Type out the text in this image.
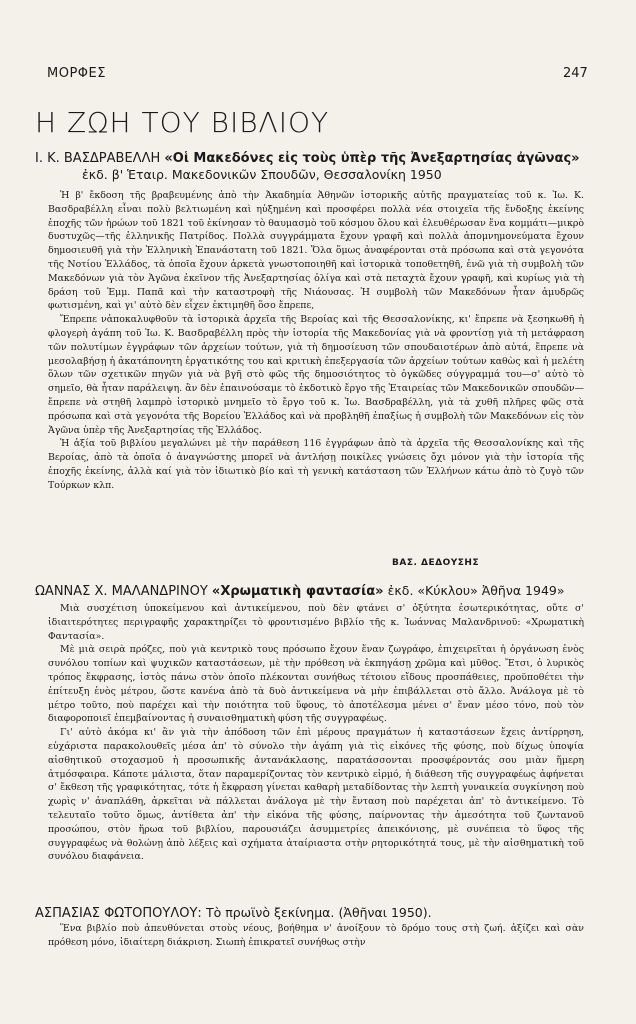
ΜΟΡΦΕΣ	247
Η ΖΩΗ ΤΟΥ ΒΙΒΛΙΟΥ
Ι. Κ. ΒΑΣΔΡΑΒΕΛΛΗ «Οἱ Μακεδόνες εἰς τοὺς ὑπὲρ τῆς Ἀνεξαρτησίας ἀγῶνας»
ἐκδ. β' Ἑταιρ. Μακεδονικῶν Σπουδῶν, Θεσσαλονίκη 1950

Ἡ β' ἔκδοση τῆς βραβευμένης ἀπὸ τὴν Ἀκαδημία Ἀθηνῶν ἱστορικῆς αὐτῆς πραγματείας τοῦ κ. Ἰω. Κ. Βασδραβέλλη εἶναι πολὺ βελτιωμένη καὶ ηὐξημένη καὶ προσφέρει πολλὰ νέα στοιχεῖα τῆς ἔνδοξης ἐκείνης ἐποχῆς τῶν ἡρώων τοῦ 1821 τοῦ ἐκίνησαν τὸ θαυμασμὸ τοῦ κόσμου ὅλου καὶ ἐλευθέρωσαν ἕνα κομμάτι—μικρὸ δυστυχῶς—τῆς ἑλληνικῆς Πατρίδος. Πολλὰ συγγράμματα ἔχουν γραφῆ καὶ πολλὰ ἀπομνημονεύματα ἔχουν δημοσιευθῆ γιὰ τὴν Ἑλληνικὴ Ἐπανάστατη τοῦ 1821. Ὅλα ὅμως ἀναφέρονται στὰ πρόσωπα καὶ στὰ γεγονότα τῆς Νοτίου Ἑλλάδος, τὰ ὁποῖα ἔχουν ἀρκετὰ γνωστοποιηθῆ καὶ ἱστορικὰ τοποθετηθῆ, ἐνῶ γιὰ τὴ συμβολὴ τῶν Μακεδόνων γιὰ τὸν Ἀγῶνα ἐκεῖνον τῆς Ἀνεξαρτησίας ὀλίγα καὶ στὰ πεταχτὰ ἔχουν γραφῆ, καὶ κυρίως γιὰ τὴ δράση τοῦ Ἐμμ. Παπᾶ καὶ τὴν καταστροφὴ τῆς Νιάουσας. Ἡ συμβολὴ τῶν Μακεδόνων ἦταν ἀμυδρῶς φωτισμένη, καὶ γι' αὐτὸ δὲν εἶχεν ἐκτιμηθῆ ὅσο ἔπρεπε,

Ἔπρεπε νἀποκαλυφθοῦν τὰ ἱστορικὰ ἀρχεῖα τῆς Βεροίας καὶ τῆς Θεσσαλονίκης, κι' ἔπρεπε νὰ ξεσηκωθῆ ἡ φλογερὴ ἀγάπη τοῦ Ἰω. Κ. Βασδραβέλλη πρὸς τὴν ἱστορία τῆς Μακεδονίας γιὰ νὰ φροντίσῃ γιὰ τὴ μετάφραση τῶν πολυτίμων ἐγγράφων τῶν ἀρχείων τούτων, γιὰ τὴ δημοσίευση τῶν σπουδαιοτέρων ἀπὸ αὐτά, ἔπρεπε νὰ μεσολαβήσῃ ἡ ἀκατάπονητη ἐργατικότης του καὶ κριτικὴ ἐπεξεργασία τῶν ἀρχείων τούτων καθὼς καὶ ἡ μελέτη ὅλων τῶν σχετικῶν πηγῶν γιὰ νὰ βγῆ στὸ φῶς τῆς δημοσιότητος τὸ ὀγκῶδες σύγγραμμά του—σ' αὐτὸ τὸ σημεῖο, θὰ ἦταν παράλειψη. ἂν δὲν ἐπαινούσαμε τὸ ἐκδοτικὸ ἔργο τῆς Ἑταιρείας τῶν Μακεδονικῶν σπουδῶν—ἔπρεπε νὰ στηθῆ λαμπρὸ ἱστορικὸ μνημεῖο τὸ ἔργο τοῦ κ. Ἰω. Βασδραβέλλη, γιὰ τὰ χυθῆ πλῆρες φῶς στὰ πρόσωπα καὶ στὰ γεγονότα τῆς Βορείου Ἑλλάδος καὶ νὰ προβληθῆ ἐπαξίως ἡ συμβολὴ τῶν Μακεδόνων εἰς τὸν Ἀγῶνα ὑπὲρ τῆς Ἀνεξαρτησίας τῆς Ἑλλάδος.

Ἡ ἀξία τοῦ βιβλίου μεγαλώνει μὲ τὴν παράθεση 116 ἐγγράφων ἀπὸ τὰ ἀρχεῖα τῆς Θεσσαλονίκης καὶ τῆς Βεροίας, ἀπὸ τὰ ὁποῖα ὁ ἀναγνώστης μπορεῖ νὰ ἀντλήσῃ ποικίλες γνώσεις ὄχι μόνον γιὰ τὴν ἱστορία τῆς ἐποχῆς ἐκείνης, ἀλλὰ καί γιὰ τὸν ἰδιωτικὸ βίο καὶ τὴ γενικὴ κατάσταση τῶν Ἑλλήνων κάτω ἀπὸ τὸ ζυγὸ τῶν Τούρκων κλπ.

ΒΑΣ. ΔΕΔΟΥΣΗΣ
ΩΑΝΝΑΣ Χ. ΜΑΛΑΝΔΡΙΝΟΥ «Χρωματικὴ φαντασία» ἐκδ. «Κύκλου» Ἀθῆνα 1949»

Μιὰ συσχέτιση ὑποκείμενου καὶ ἀντικείμενου, ποὺ δὲν φτάνει σ' ὀξύτητα ἐσωτερικότητας, οὔτε σ' ἰδιαιτερότητες περιγραφῆς χαρακτηρίζει τὸ φροντισμένο βιβλίο τῆς κ. Ἰωάννας Μαλανδρινοῦ: «Χρωματικὴ Φαντασία».

Μὲ μιὰ σειρὰ πρόζες, ποὺ γιὰ κεντρικὸ τους πρόσωπο ἔχουν ἕναν ζωγράφο, ἐπιχειρεῖται ἡ ὀργάνωση ἑνὸς συνόλου τοπίων καὶ ψυχικῶν καταστάσεων, μὲ τὴν πρόθεση νὰ ἐκπηγάσῃ χρῶμα καὶ μῦθος. Ἔτσι, ὁ λυρικὸς τρόπος ἔκφρασης, ἱστὸς πάνω στὸν ὁποῖο πλέκονται συνήθως τέτοιου εἴδους προσπάθειες, προϋποθέτει τὴν ἐπίτευξη ἑνὸς μέτρου, ὥστε κανένα ἀπὸ τὰ δυὸ ἀντικείμενα νὰ μὴν ἐπιβάλλεται στὸ ἄλλο. Ἀνάλογα μὲ τὸ μέτρο τοῦτο, ποὺ παρέχει καὶ τὴν ποιότητα τοῦ ὕφους, τὸ ἀποτέλεσμα μένει σ' ἕναν μέσο τόνο, ποὺ τὸν διαφοροποιεῖ ἐπεμβαίνοντας ἡ συναισθηματικὴ φύση τῆς συγγραφέως.

Γι' αὐτὸ ἀκόμα κι' ἂν γιὰ τὴν ἀπόδοση τῶν ἐπὶ μέρους πραγμάτων ἡ καταστάσεων ἔχεις ἀντίρρηση, εὐχάριστα παρακολουθεῖς μέσα ἀπ' τὸ σύνολο τὴν ἀγάπη γιὰ τὶς εἰκόνες τῆς φύσης, ποὺ δίχως ὑποψία αἰσθητικοῦ στοχασμοῦ ἡ προσωπικῆς ἀντανάκλασης, παρατάσσονται προσφέροντάς σου μιὰν ἥμερη ἀτμόσφαιρα. Κάποτε μάλιστα, ὅταν παραμερίζοντας τὸν κεντρικὸ εἱρμό, ἡ διάθεση τῆς συγγραφέως ἀφήνεται σ' ἔκθεση τῆς γραφικότητας, τότε ἡ ἔκφραση γίνεται καθαρὴ μεταδίδοντας τὴν λεπτὴ γυναικεία συγκίνηση ποὺ χωρὶς ν' ἀναπλάθη, ἀρκεῖται νὰ πάλλεται ἀνάλογα μὲ τὴν ἔνταση ποὺ παρέχεται ἀπ' τὸ ἀντικείμενο. Τὸ τελευταῖο τοῦτο ὅμως, ἀντίθετα ἀπ' τὴν εἰκόνα τῆς φύσης, παίρνοντας τὴν ἀμεσότητα τοῦ ζωντανοῦ προσώπου, στὸν ἥρωα τοῦ βιβλίου, παρουσιάζει ἀσυμμετρίες ἀπεικόνισης, μὲ συνέπεια τὸ ὕφος τῆς συγγραφέως νὰ θολώνῃ ἀπὸ λέξεις καὶ σχήματα ἀταίριαστα στὴν ρητορικότητά τους, μὲ τὴν αἰσθηματικὴ τοῦ συνόλου διαφάνεια.

ΑΣΠΑΣΙΑΣ ΦΩΤΟΠΟΥΛΟΥ: Τὸ πρωϊνὸ ξεκίνημα. (Ἀθῆναι 1950).

Ἕνα βιβλίο ποὺ ἀπευθύνεται στοὺς νέους, βοήθημα ν' ἀνοίξουν τὸ δρόμο τους στὴ ζωή. ἀξίζει καὶ σὰν πρόθεση μόνο, ἰδιαίτερη διάκριση. Σιωπὴ ἐπικρατεῖ συνήθως στὴν
